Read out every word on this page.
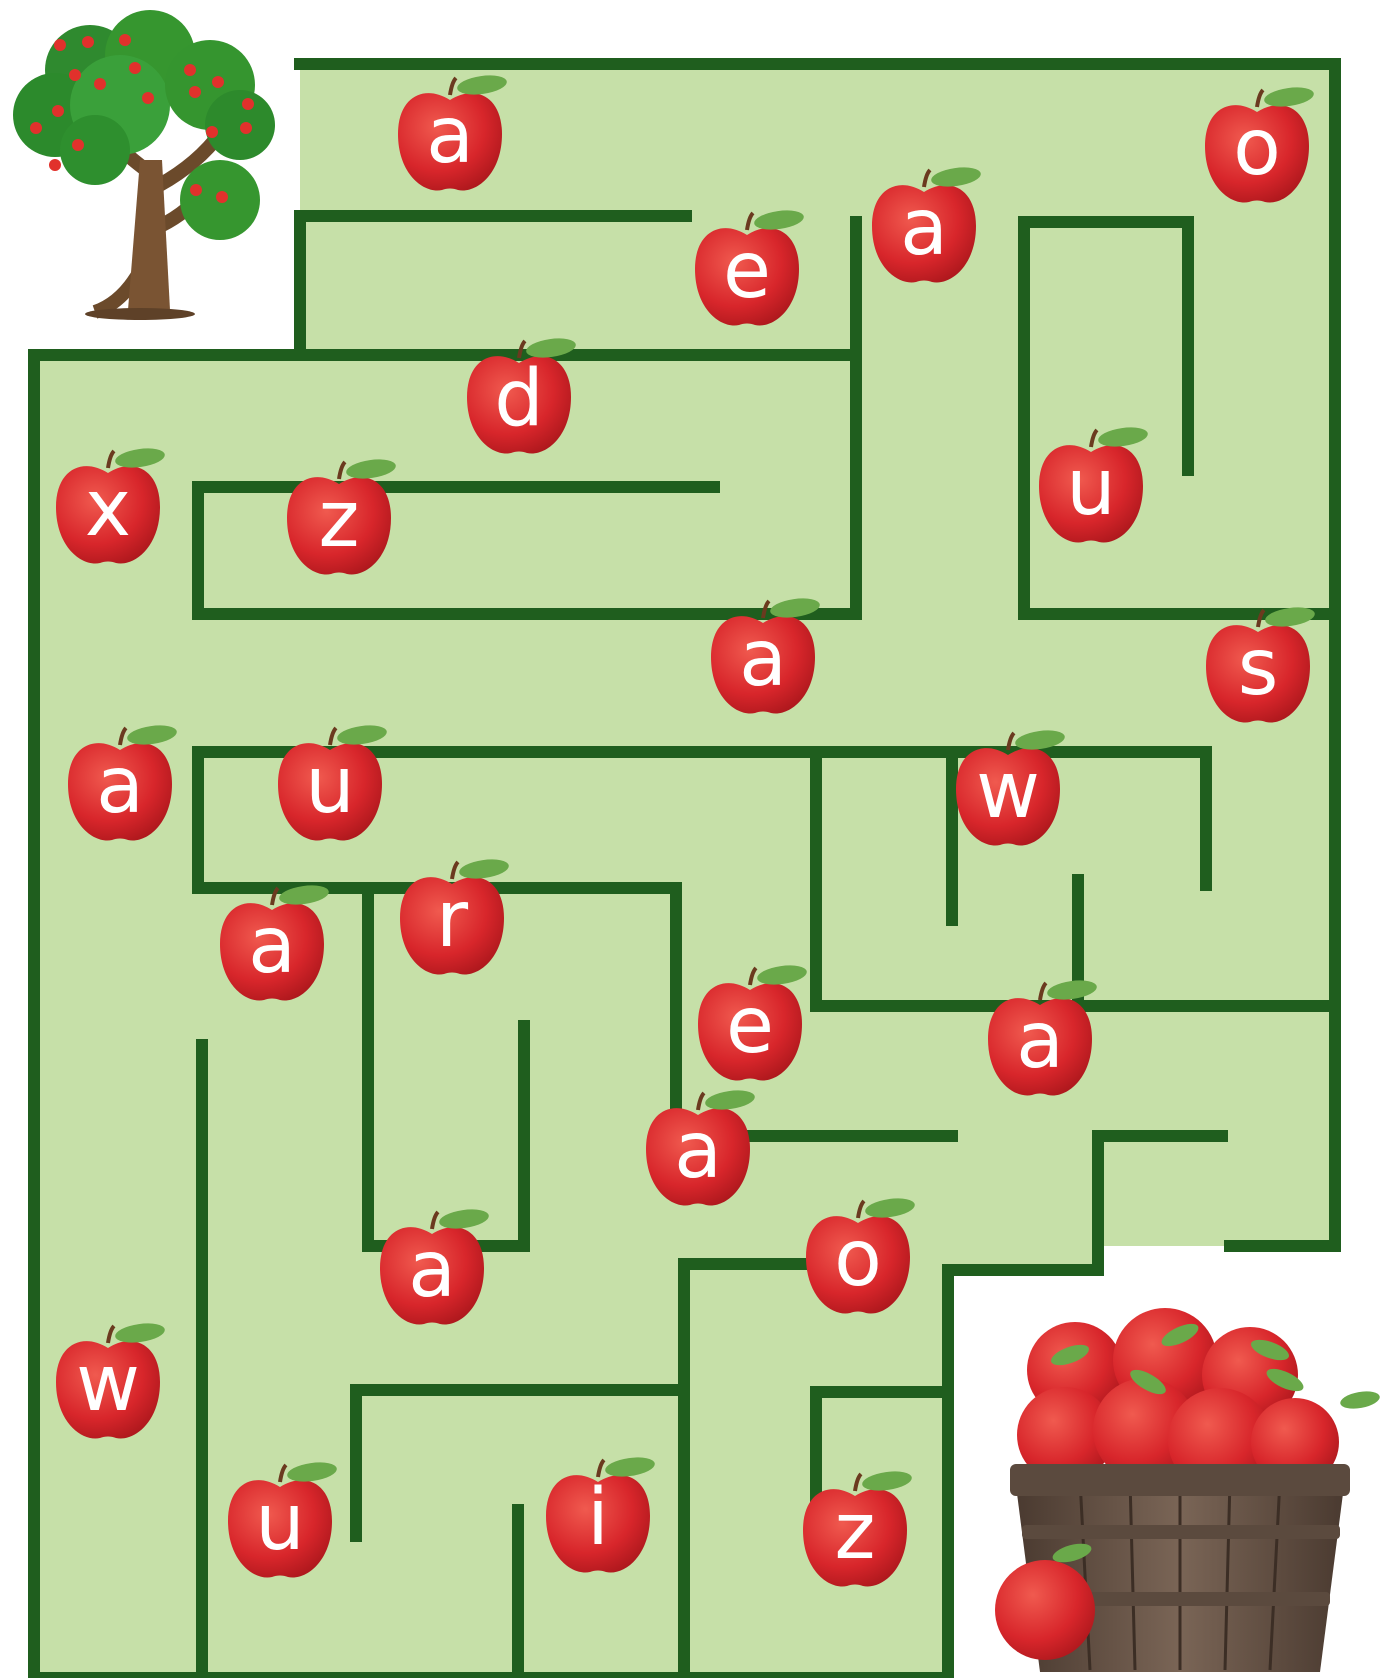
a	o
e a
d
u
x z
a	s
a u	w
a r
e	a
a
a	o
w
u	i	z
